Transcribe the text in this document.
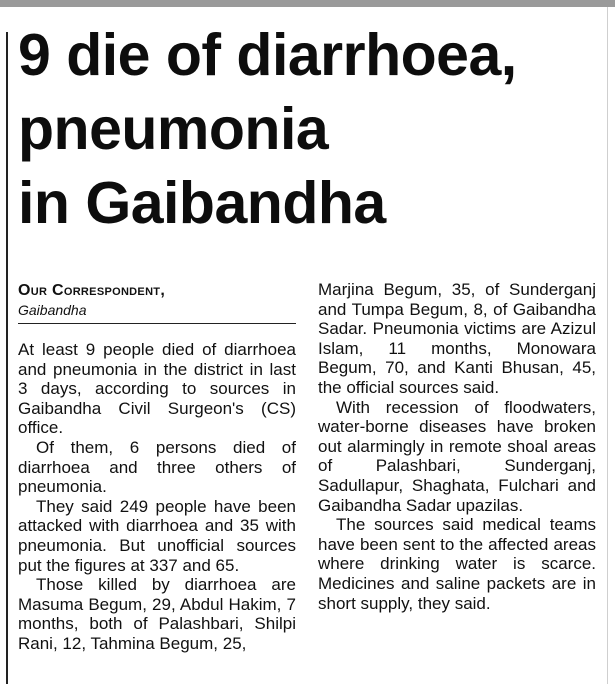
9 die of diarrhoea,
pneumonia
in Gaibandha
Our Correspondent,
Gaibandha

At least 9 people died of diarrhoea and pneumonia in the district in last 3 days, according to sources in Gaibandha Civil Surgeon's (CS) office.

Of them, 6 persons died of diarrhoea and three others of pneumonia.

They said 249 people have been attacked with diarrhoea and 35 with pneumonia. But unofficial sources put the figures at 337 and 65.

Those killed by diarrhoea are Masuma Begum, 29, Abdul Hakim, 7 months, both of Palashbari, Shilpi Rani, 12, Tahmina Begum, 25,

Marjina Begum, 35, of Sunderganj and Tumpa Begum, 8, of Gaibandha Sadar. Pneumonia victims are Azizul Islam, 11 months, Monowara Begum, 70, and Kanti Bhusan, 45, the official sources said.

With recession of floodwaters, water-borne diseases have broken out alarmingly in remote shoal areas of Palashbari, Sunderganj, Sadullapur, Shaghata, Fulchari and Gaibandha Sadar upazilas.

The sources said medical teams have been sent to the affected areas where drinking water is scarce. Medicines and saline packets are in short supply, they said.
